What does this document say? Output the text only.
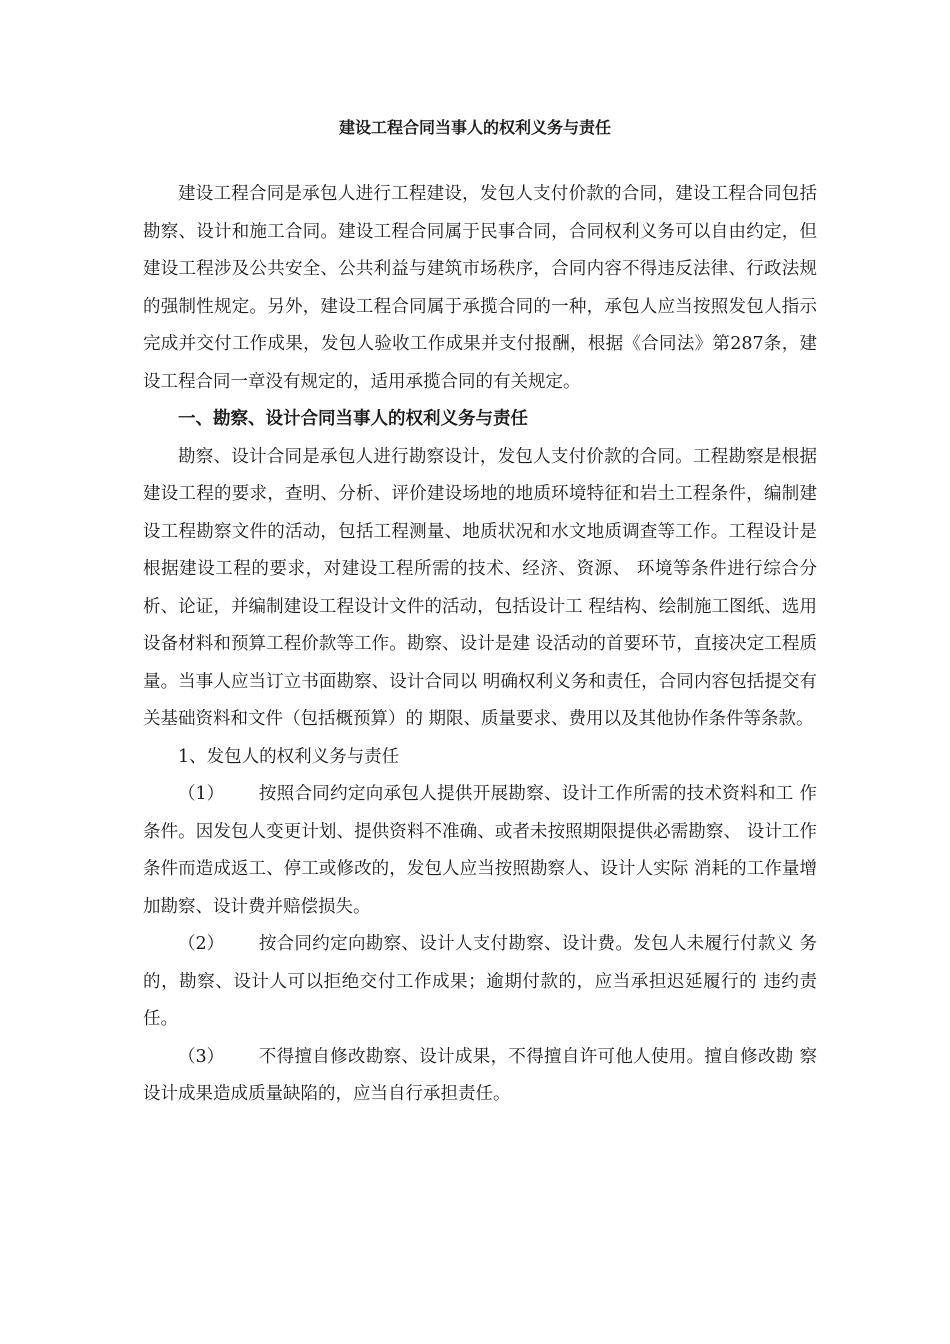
建设工程合同当事人的权利义务与责任

建设工程合同是承包人进行工程建设，发包人支付价款的合同，建设工程合同包括勘察、设计和施工合同。建设工程合同属于民事合同，合同权利义务可以自由约定，但建设工程涉及公共安全、公共利益与建筑市场秩序，合同内容不得违反法律、行政法规的强制性规定。另外，建设工程合同属于承揽合同的一种，承包人应当按照发包人指示完成并交付工作成果，发包人验收工作成果并支付报酬，根据《合同法》第287条，建设工程合同一章没有规定的，适用承揽合同的有关规定。

一、勘察、设计合同当事人的权利义务与责任

勘察、设计合同是承包人进行勘察设计，发包人支付价款的合同。工程勘察是根据建设工程的要求，查明、分析、评价建设场地的地质环境特征和岩土工程条件，编制建设工程勘察文件的活动，包括工程测量、地质状况和水文地质调查等工作。工程设计是根据建设工程的要求，对建设工程所需的技术、经济、资源、 环境等条件进行综合分析、论证，并编制建设工程设计文件的活动，包括设计工 程结构、绘制施工图纸、选用设备材料和预算工程价款等工作。勘察、设计是建 设活动的首要环节，直接决定工程质量。当事人应当订立书面勘察、设计合同以 明确权利义务和责任，合同内容包括提交有关基础资料和文件（包括概预算）的 期限、质量要求、费用以及其他协作条件等条款。

1、发包人的权利义务与责任

（1） 按照合同约定向承包人提供开展勘察、设计工作所需的技术资料和工 作条件。因发包人变更计划、提供资料不准确、或者未按照期限提供必需勘察、 设计工作条件而造成返工、停工或修改的，发包人应当按照勘察人、设计人实际 消耗的工作量增加勘察、设计费并赔偿损失。

（2） 按合同约定向勘察、设计人支付勘察、设计费。发包人未履行付款义 务的，勘察、设计人可以拒绝交付工作成果；逾期付款的，应当承担迟延履行的 违约责任。

（3） 不得擅自修改勘察、设计成果，不得擅自许可他人使用。擅自修改勘 察设计成果造成质量缺陷的，应当自行承担责任。
